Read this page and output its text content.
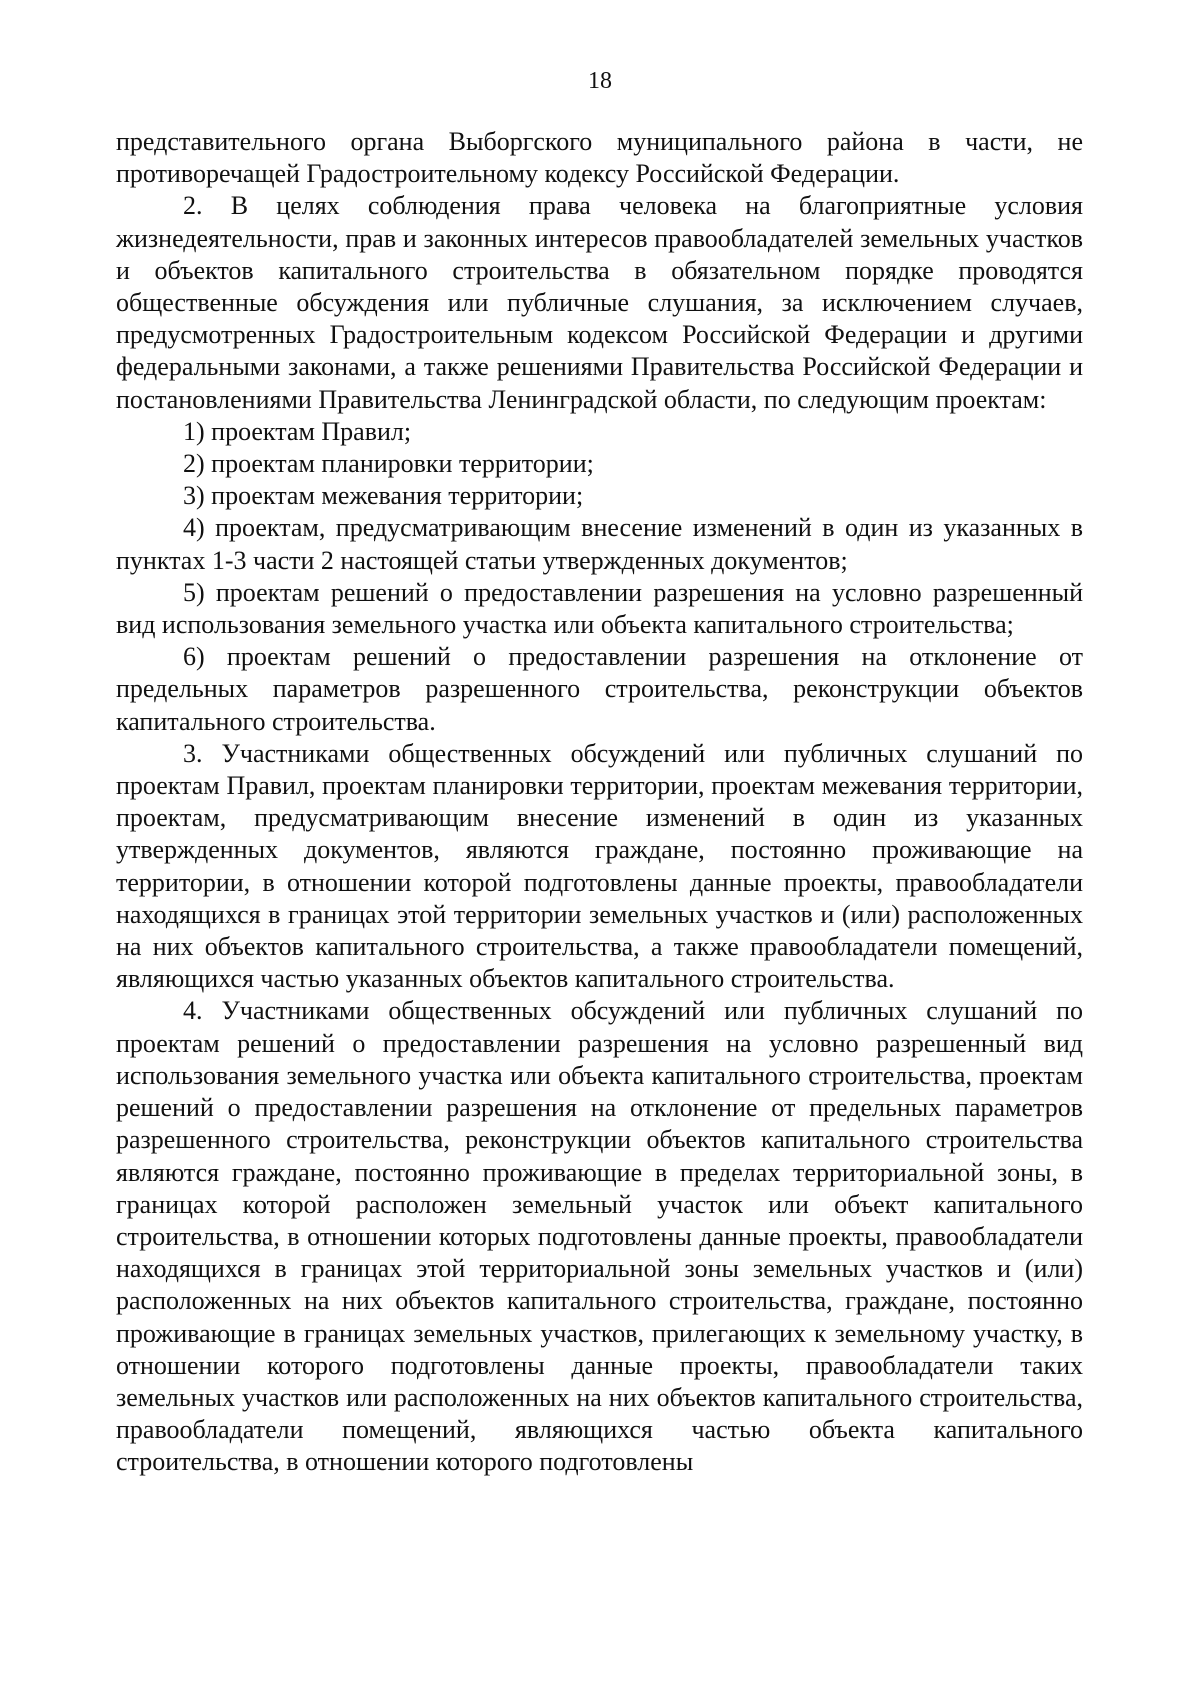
18

представительного органа Выборгского муниципального района в части, не противоречащей Градостроительному кодексу Российской Федерации.

2. В целях соблюдения права человека на благоприятные условия жизнедеятельности, прав и законных интересов правообладателей земельных участков и объектов капитального строительства в обязательном порядке проводятся общественные обсуждения или публичные слушания, за исключением случаев, предусмотренных Градостроительным кодексом Российской Федерации и другими федеральными законами, а также решениями Правительства Российской Федерации и постановлениями Правительства Ленинградской области, по следующим проектам:

1) проектам Правил;

2) проектам планировки территории;

3) проектам межевания территории;

4) проектам, предусматривающим внесение изменений в один из указанных в пунктах 1-3 части 2 настоящей статьи утвержденных документов;

5) проектам решений о предоставлении разрешения на условно разрешенный вид использования земельного участка или объекта капитального строительства;

6) проектам решений о предоставлении разрешения на отклонение от предельных параметров разрешенного строительства, реконструкции объектов капитального строительства.

3. Участниками общественных обсуждений или публичных слушаний по проектам Правил, проектам планировки территории, проектам межевания территории, проектам, предусматривающим внесение изменений в один из указанных утвержденных документов, являются граждане, постоянно проживающие на территории, в отношении которой подготовлены данные проекты, правообладатели находящихся в границах этой территории земельных участков и (или) расположенных на них объектов капитального строительства, а также правообладатели помещений, являющихся частью указанных объектов капитального строительства.

4. Участниками общественных обсуждений или публичных слушаний по проектам решений о предоставлении разрешения на условно разрешенный вид использования земельного участка или объекта капитального строительства, проектам решений о предоставлении разрешения на отклонение от предельных параметров разрешенного строительства, реконструкции объектов капитального строительства являются граждане, постоянно проживающие в пределах территориальной зоны, в границах которой расположен земельный участок или объект капитального строительства, в отношении которых подготовлены данные проекты, правообладатели находящихся в границах этой территориальной зоны земельных участков и (или) расположенных на них объектов капитального строительства, граждане, постоянно проживающие в границах земельных участков, прилегающих к земельному участку, в отношении которого подготовлены данные проекты, правообладатели таких земельных участков или расположенных на них объектов капитального строительства, правообладатели помещений, являющихся частью объекта капитального строительства, в отношении которого подготовлены
